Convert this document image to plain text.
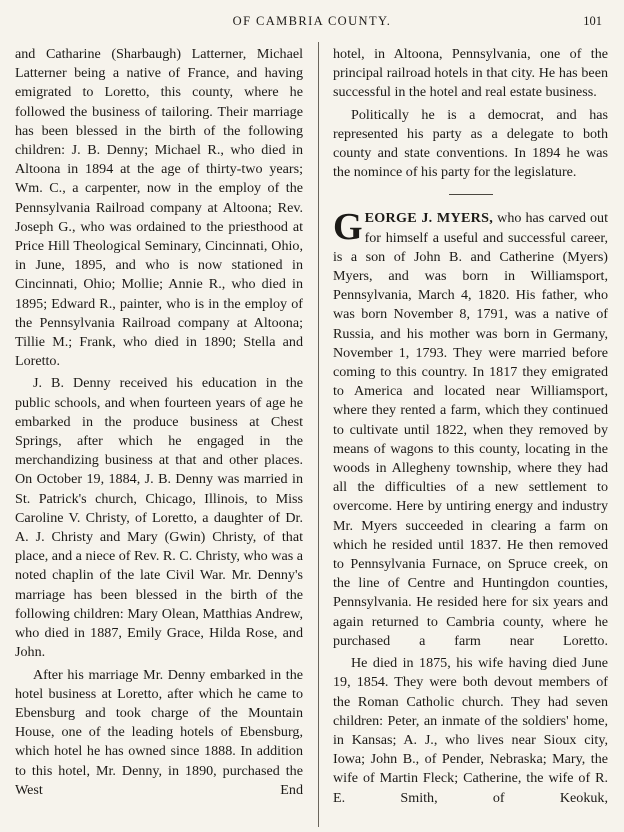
OF CAMBRIA COUNTY.	101

and Catharine (Sharbaugh) Latterner, Michael Latterner being a native of France, and having emigrated to Loretto, this county, where he followed the business of tailoring. Their marriage has been blessed in the birth of the following children: J. B. Denny; Michael R., who died in Altoona in 1894 at the age of thirty-two years; Wm. C., a carpenter, now in the employ of the Pennsylvania Railroad company at Altoona; Rev. Joseph G., who was ordained to the priesthood at Price Hill Theological Seminary, Cincinnati, Ohio, in June, 1895, and who is now stationed in Cincinnati, Ohio; Mollie; Annie R., who died in 1895; Edward R., painter, who is in the employ of the Pennsylvania Railroad company at Altoona; Tillie M.; Frank, who died in 1890; Stella and Loretto.

J. B. Denny received his education in the public schools, and when fourteen years of age he embarked in the produce business at Chest Springs, after which he engaged in the merchandizing business at that and other places. On October 19, 1884, J. B. Denny was married in St. Patrick's church, Chicago, Illinois, to Miss Caroline V. Christy, of Loretto, a daughter of Dr. A. J. Christy and Mary (Gwin) Christy, of that place, and a niece of Rev. R. C. Christy, who was a noted chaplin of the late Civil War. Mr. Denny's marriage has been blessed in the birth of the following children: Mary Olean, Matthias Andrew, who died in 1887, Emily Grace, Hilda Rose, and John.

After his marriage Mr. Denny embarked in the hotel business at Loretto, after which he came to Ebensburg and took charge of the Mountain House, one of the leading hotels of Ebensburg, which hotel he has owned since 1888. In addition to this hotel, Mr. Denny, in 1890, purchased the West End

hotel, in Altoona, Pennsylvania, one of the principal railroad hotels in that city. He has been successful in the hotel and real estate business.

Politically he is a democrat, and has represented his party as a delegate to both county and state conventions. In 1894 he was the nomince of his party for the legislature.

GEORGE J. MYERS, who has carved out for himself a useful and successful career, is a son of John B. and Catherine (Myers) Myers, and was born in Williamsport, Pennsylvania, March 4, 1820. His father, who was born November 8, 1791, was a native of Russia, and his mother was born in Germany, November 1, 1793. They were married before coming to this country. In 1817 they emigrated to America and located near Williamsport, where they rented a farm, which they continued to cultivate until 1822, when they removed by means of wagons to this county, locating in the woods in Allegheny township, where they had all the difficulties of a new settlement to overcome. Here by untiring energy and industry Mr. Myers succeeded in clearing a farm on which he resided until 1837. He then removed to Pennsylvania Furnace, on Spruce creek, on the line of Centre and Huntingdon counties, Pennsylvania. He resided here for six years and again returned to Cambria county, where he purchased a farm near Loretto.

He died in 1875, his wife having died June 19, 1854. They were both devout members of the Roman Catholic church. They had seven children: Peter, an inmate of the soldiers' home, in Kansas; A. J., who lives near Sioux city, Iowa; John B., of Pender, Nebraska; Mary, the wife of Martin Fleck; Catherine, the wife of R. E. Smith, of Keokuk,
